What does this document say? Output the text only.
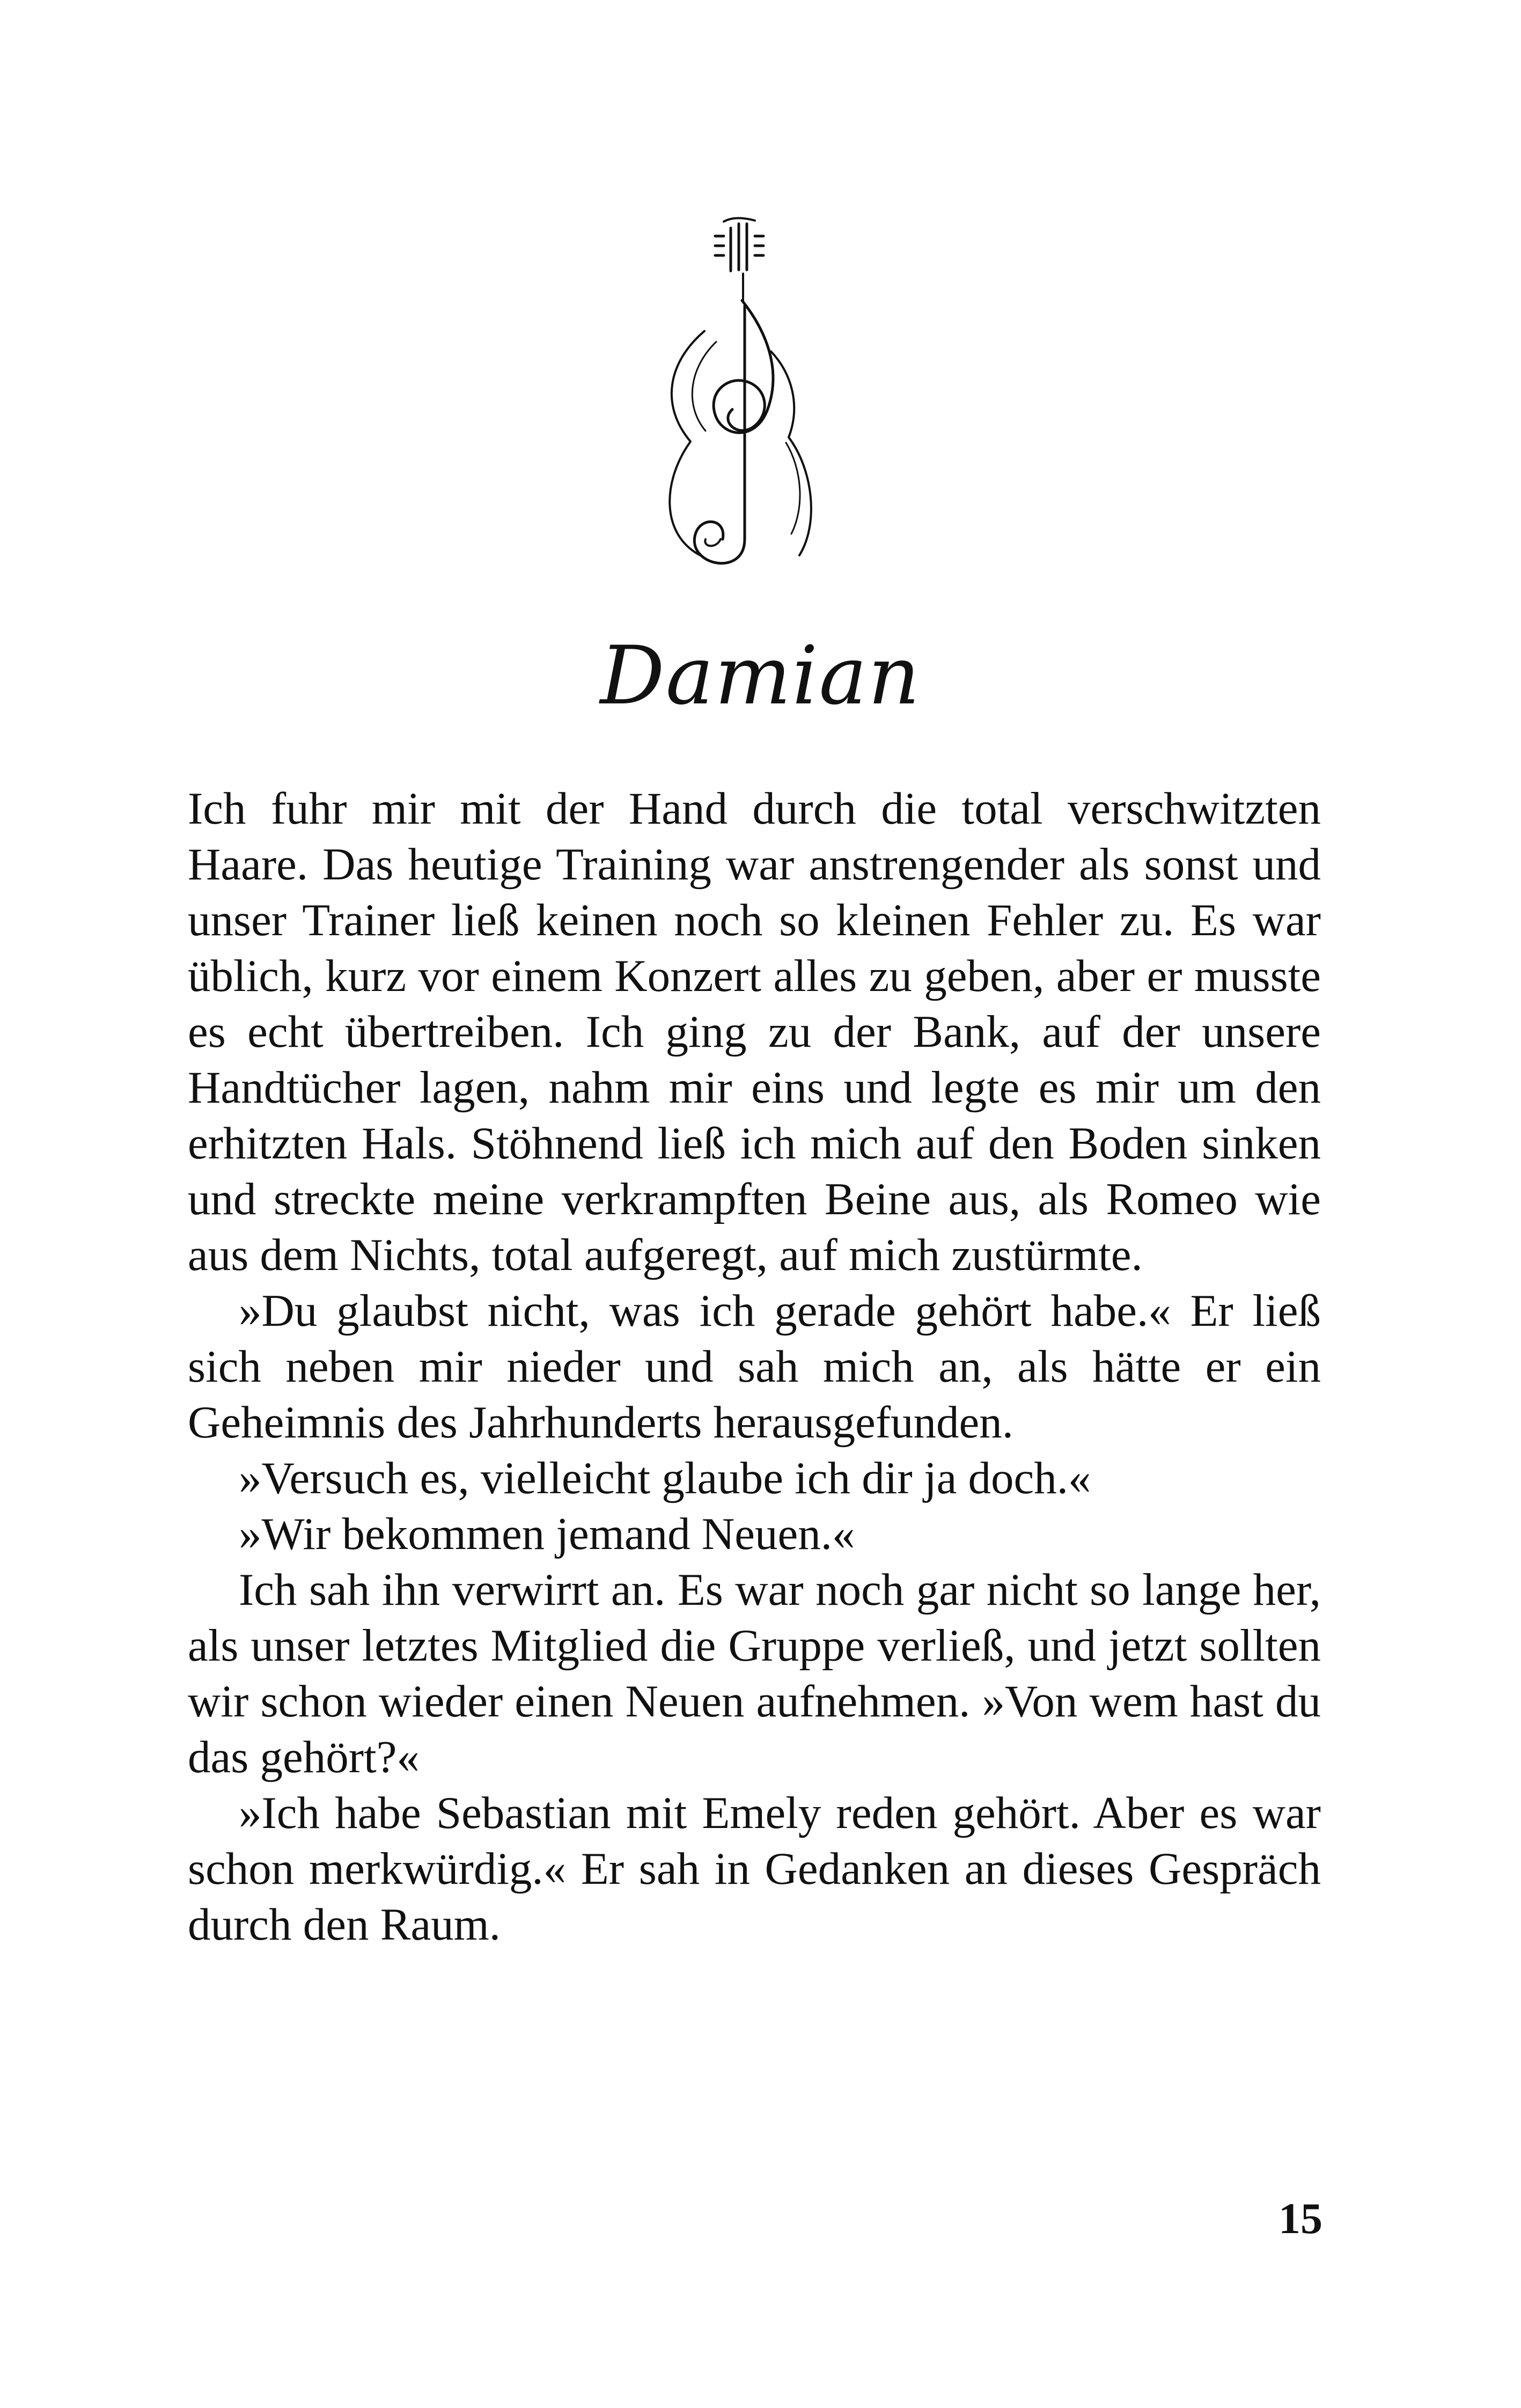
Damian

Ich fuhr mir mit der Hand durch die total verschwitzten Haare. Das heutige Training war anstrengender als sonst und unser Trainer ließ keinen noch so kleinen Fehler zu. Es war üblich, kurz vor einem Konzert alles zu geben, aber er musste es echt übertreiben. Ich ging zu der Bank, auf der unsere Handtücher lagen, nahm mir eins und legte es mir um den erhitzten Hals. Stöhnend ließ ich mich auf den Boden sinken und streckte meine verkrampften Beine aus, als Romeo wie aus dem Nichts, total aufgeregt, auf mich zustürmte.

»Du glaubst nicht, was ich gerade gehört habe.« Er ließ sich neben mir nieder und sah mich an, als hätte er ein Geheimnis des Jahrhunderts herausgefunden.

»Versuch es, vielleicht glaube ich dir ja doch.«

»Wir bekommen jemand Neuen.«

Ich sah ihn verwirrt an. Es war noch gar nicht so lange her, als unser letztes Mitglied die Gruppe verließ, und jetzt sollten wir schon wieder einen Neuen aufnehmen. »Von wem hast du das gehört?«

»Ich habe Sebastian mit Emely reden gehört. Aber es war schon merkwürdig.« Er sah in Gedanken an dieses Gespräch durch den Raum.

15
